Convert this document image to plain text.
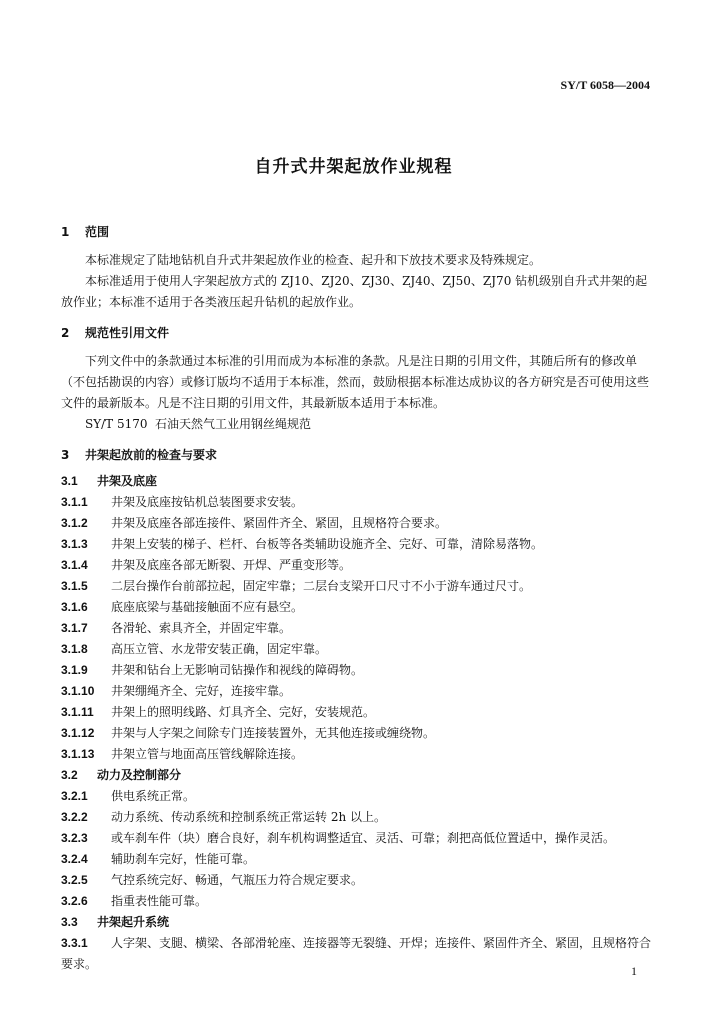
SY/T 6058—2004
自升式井架起放作业规程

1 范围

本标准规定了陆地钻机自升式井架起放作业的检查、起升和下放技术要求及特殊规定。

本标准适用于使用人字架起放方式的 ZJ10、ZJ20、ZJ30、ZJ40、ZJ50、ZJ70 钻机级别自升式井架的起放作业；本标准不适用于各类液压起升钻机的起放作业。

2 规范性引用文件

下列文件中的条款通过本标准的引用而成为本标准的条款。凡是注日期的引用文件，其随后所有的修改单（不包括勘误的内容）或修订版均不适用于本标准，然而，鼓励根据本标准达成协议的各方研究是否可使用这些文件的最新版本。凡是不注日期的引用文件，其最新版本适用于本标准。

SY/T 5170 石油天然气工业用钢丝绳规范

3 井架起放前的检查与要求

3.1 井架及底座

3.1.1 井架及底座按钻机总装图要求安装。

3.1.2 井架及底座各部连接件、紧固件齐全、紧固，且规格符合要求。

3.1.3 井架上安装的梯子、栏杆、台板等各类辅助设施齐全、完好、可靠，清除易落物。

3.1.4 井架及底座各部无断裂、开焊、严重变形等。

3.1.5 二层台操作台前部拉起，固定牢靠；二层台支梁开口尺寸不小于游车通过尺寸。

3.1.6 底座底梁与基础接触面不应有悬空。

3.1.7 各滑轮、索具齐全，并固定牢靠。

3.1.8 高压立管、水龙带安装正确，固定牢靠。

3.1.9 井架和钻台上无影响司钻操作和视线的障碍物。

3.1.10 井架绷绳齐全、完好，连接牢靠。

3.1.11 井架上的照明线路、灯具齐全、完好，安装规范。

3.1.12 井架与人字架之间除专门连接装置外，无其他连接或缠绕物。

3.1.13 井架立管与地面高压管线解除连接。

3.2 动力及控制部分

3.2.1 供电系统正常。

3.2.2 动力系统、传动系统和控制系统正常运转 2h 以上。

3.2.3 或车刹车件（块）磨合良好，刹车机构调整适宜、灵活、可靠；刹把高低位置适中，操作灵活。

3.2.4 辅助刹车完好，性能可靠。

3.2.5 气控系统完好、畅通，气瓶压力符合规定要求。

3.2.6 指重表性能可靠。

3.3 井架起升系统

3.3.1 人字架、支腿、横梁、各部滑轮座、连接器等无裂缝、开焊；连接件、紧固件齐全、紧固，且规格符合要求。	1
